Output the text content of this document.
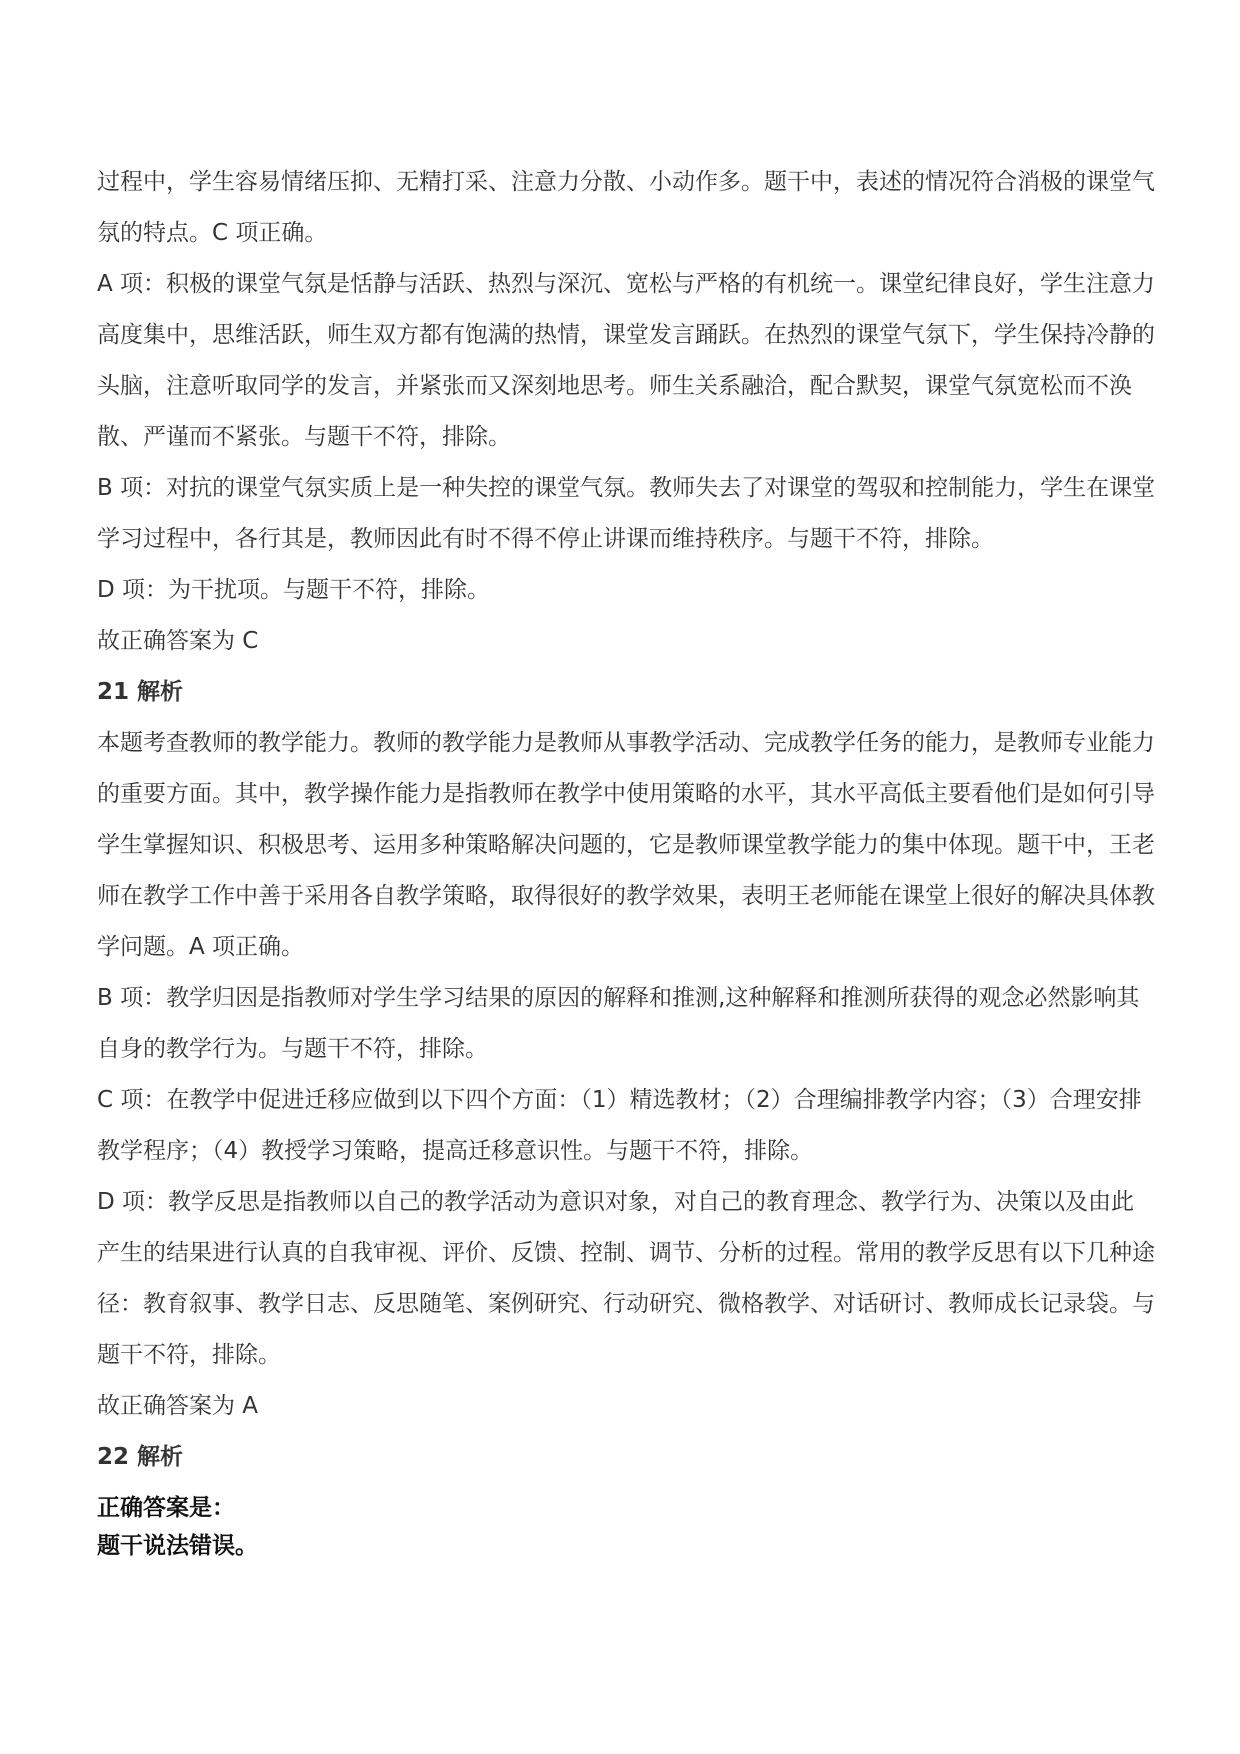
过程中，学生容易情绪压抑、无精打采、注意力分散、小动作多。题干中，表述的情况符合消极的课堂气氛的特点。C 项正确。

A 项：积极的课堂气氛是恬静与活跃、热烈与深沉、宽松与严格的有机统一。课堂纪律良好，学生注意力高度集中，思维活跃，师生双方都有饱满的热情，课堂发言踊跃。在热烈的课堂气氛下，学生保持冷静的头脑，注意听取同学的发言，并紧张而又深刻地思考。师生关系融洽，配合默契，课堂气氛宽松而不涣散、严谨而不紧张。与题干不符，排除。

B 项：对抗的课堂气氛实质上是一种失控的课堂气氛。教师失去了对课堂的驾驭和控制能力，学生在课堂学习过程中，各行其是，教师因此有时不得不停止讲课而维持秩序。与题干不符，排除。

D 项：为干扰项。与题干不符，排除。

故正确答案为 C

21 解析

本题考查教师的教学能力。教师的教学能力是教师从事教学活动、完成教学任务的能力，是教师专业能力的重要方面。其中，教学操作能力是指教师在教学中使用策略的水平，其水平高低主要看他们是如何引导学生掌握知识、积极思考、运用多种策略解决问题的，它是教师课堂教学能力的集中体现。题干中，王老师在教学工作中善于采用各自教学策略，取得很好的教学效果，表明王老师能在课堂上很好的解决具体教学问题。A 项正确。

B 项：教学归因是指教师对学生学习结果的原因的解释和推测,这种解释和推测所获得的观念必然影响其自身的教学行为。与题干不符，排除。

C 项：在教学中促进迁移应做到以下四个方面：（1）精选教材；（2）合理编排教学内容；（3）合理安排教学程序；（4）教授学习策略，提高迁移意识性。与题干不符，排除。

D 项：教学反思是指教师以自己的教学活动为意识对象，对自己的教育理念、教学行为、决策以及由此产生的结果进行认真的自我审视、评价、反馈、控制、调节、分析的过程。常用的教学反思有以下几种途径：教育叙事、教学日志、反思随笔、案例研究、行动研究、微格教学、对话研讨、教师成长记录袋。与题干不符，排除。

故正确答案为 A

22 解析

正确答案是：

题干说法错误。
